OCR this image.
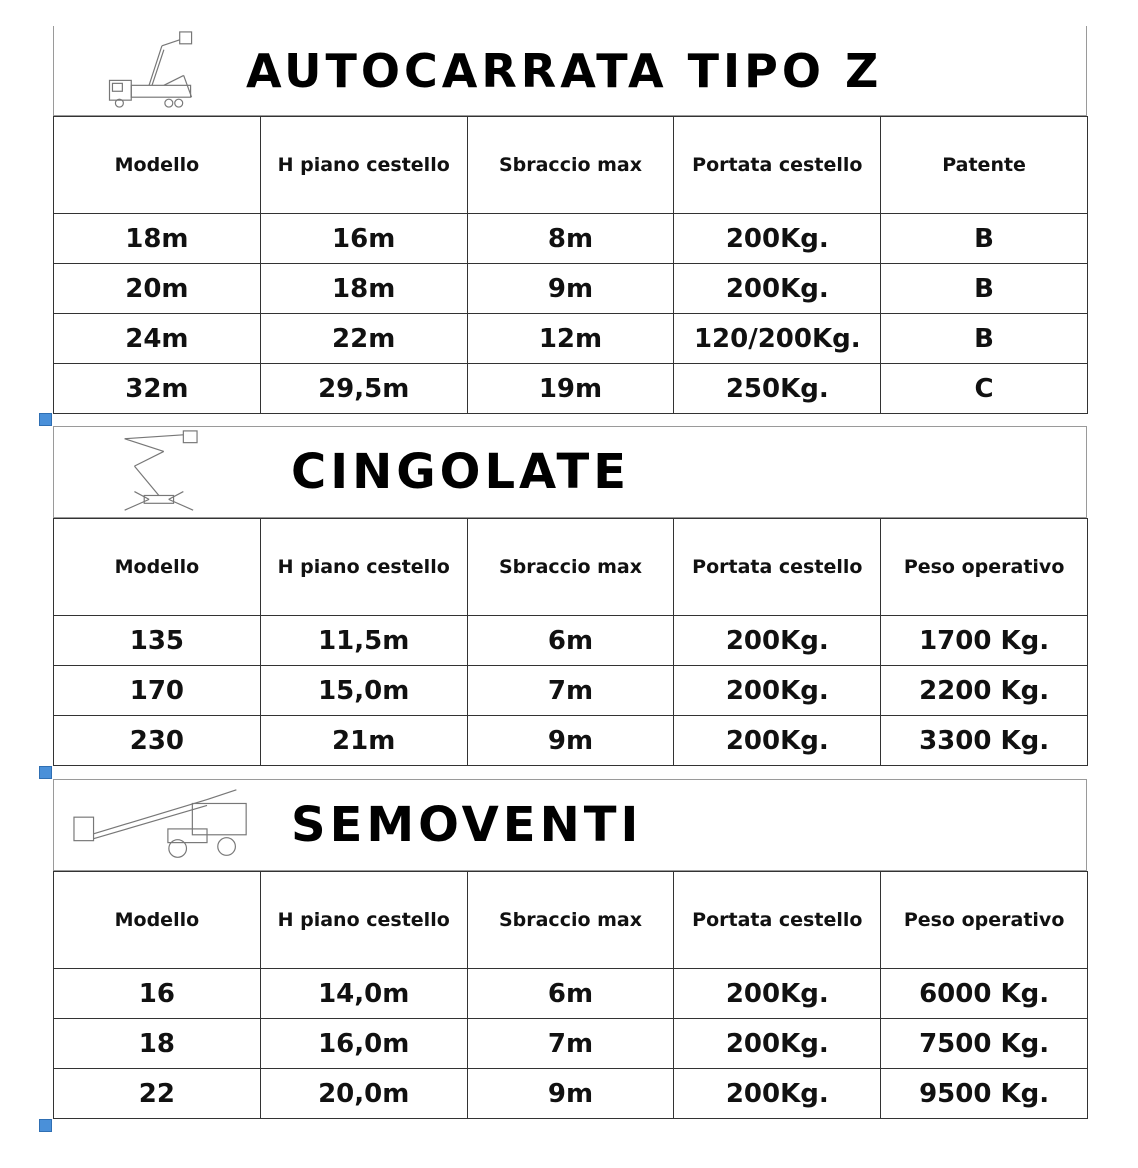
AUTOCARRATA TIPO Z
Modello	H piano cestello	Sbraccio max	Portata cestello	Patente
18m	16m	8m	200Kg.	B
20m	18m	9m	200Kg.	B
24m	22m	12m	120/200Kg.	B
32m	29,5m	19m	250Kg.	C
CINGOLATE
Modello	H piano cestello	Sbraccio max	Portata cestello	Peso operativo
135	11,5m	6m	200Kg.	1700 Kg.
170	15,0m	7m	200Kg.	2200 Kg.
230	21m	9m	200Kg.	3300 Kg.
SEMOVENTI
Modello	H piano cestello	Sbraccio max	Portata cestello	Peso operativo
16	14,0m	6m	200Kg.	6000 Kg.
18	16,0m	7m	200Kg.	7500 Kg.
22	20,0m	9m	200Kg.	9500 Kg.
